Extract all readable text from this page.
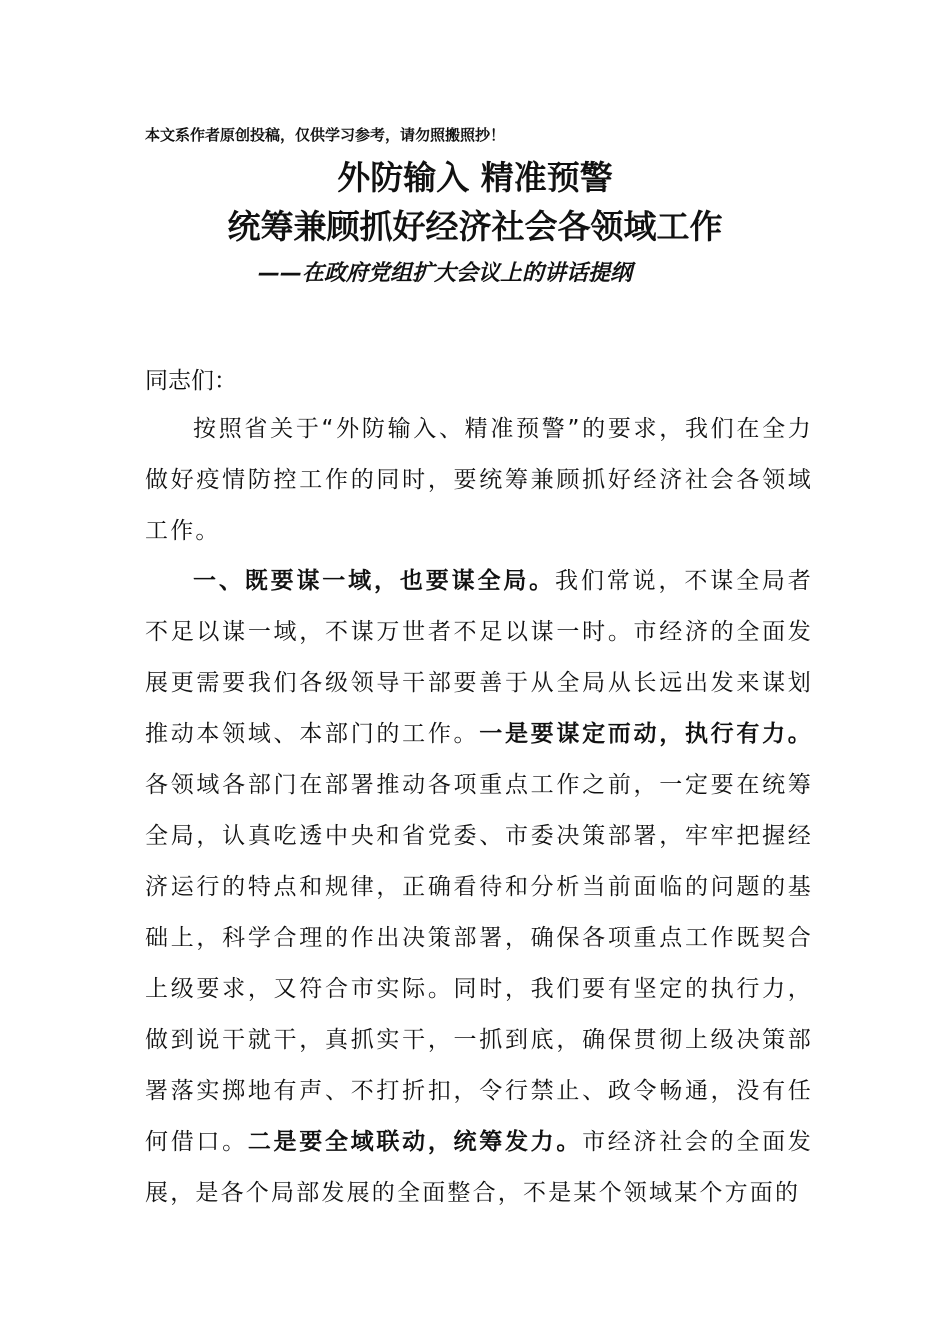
本文系作者原创投稿，仅供学习参考，请勿照搬照抄！
外防输入 精准预警
统筹兼顾抓好经济社会各领域工作
——在政府党组扩大会议上的讲话提纲
同志们：

按照省关于“外防输入、精准预警”的要求，我们在全力做好疫情防控工作的同时，要统筹兼顾抓好经济社会各领域工作。

一、既要谋一域，也要谋全局。我们常说，不谋全局者不足以谋一域，不谋万世者不足以谋一时。市经济的全面发展更需要我们各级领导干部要善于从全局从长远出发来谋划推动本领域、本部门的工作。一是要谋定而动，执行有力。各领域各部门在部署推动各项重点工作之前，一定要在统筹全局，认真吃透中央和省党委、市委决策部署，牢牢把握经济运行的特点和规律，正确看待和分析当前面临的问题的基础上，科学合理的作出决策部署，确保各项重点工作既契合上级要求，又符合市实际。同时，我们要有坚定的执行力，做到说干就干，真抓实干，一抓到底，确保贯彻上级决策部署落实掷地有声、不打折扣，令行禁止、政令畅通，没有任何借口。二是要全域联动，统筹发力。市经济社会的全面发展，是各个局部发展的全面整合，不是某个领域某个方面的
